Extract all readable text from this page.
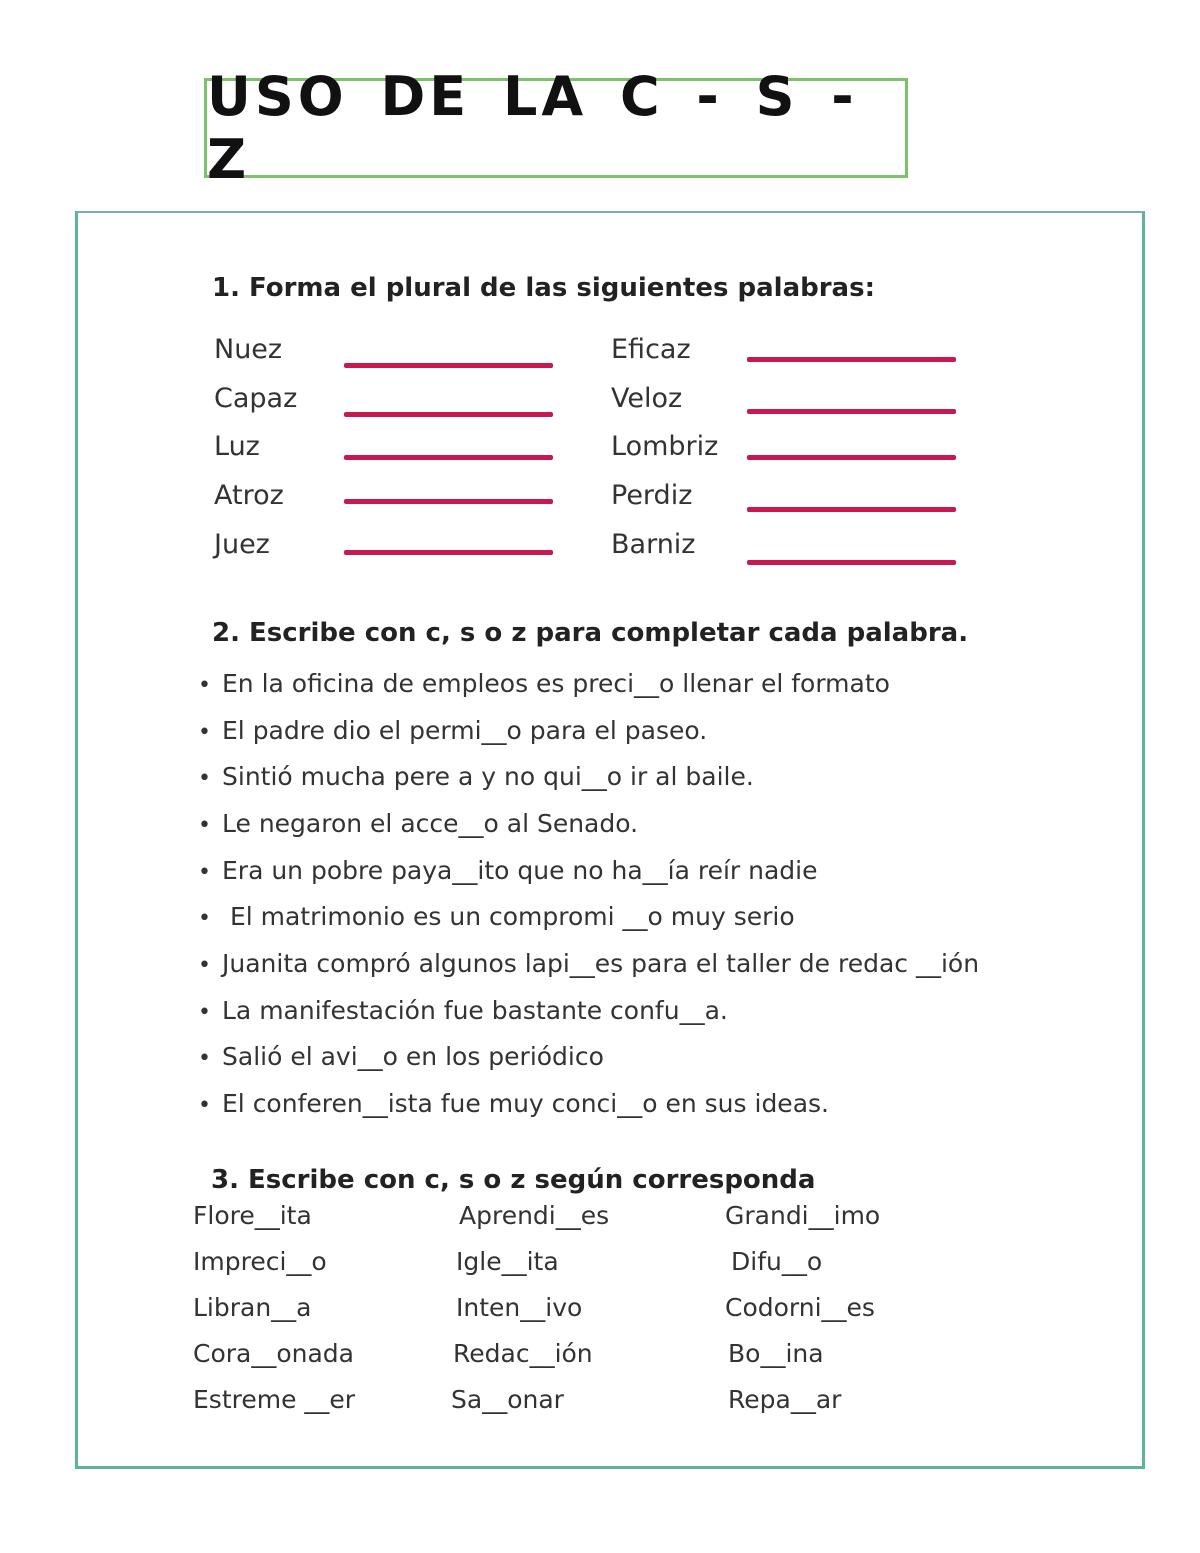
USO DE LA C - S - Z
1. Forma el plural de las siguientes palabras:
Nuez
Capaz
Luz
Atroz
Juez
Eficaz
Veloz
Lombriz
Perdiz
Barniz
2. Escribe con c, s o z para completar cada palabra.
• En la oficina de empleos es preci__o llenar el formato
• El padre dio el permi__o para el paseo.
• Sintió mucha pere a y no qui__o ir al baile.
• Le negaron el acce__o al Senado.
• Era un pobre paya__ito que no ha__ía reír nadie
• El matrimonio es un compromi __o muy serio
• Juanita compró algunos lapi__es para el taller de redac __ión
• La manifestación fue bastante confu__a.
• Salió el avi__o en los periódico
• El conferen__ista fue muy conci__o en sus ideas.
3. Escribe con c, s o z según corresponda
Flore__ita
Impreci__o
Libran__a
Cora__onada
Estreme __er
Aprendi__es
Igle__ita
Inten__ivo
Redac__ión
Sa__onar
Grandi__imo
Difu__o
Codorni__es
Bo__ina
Repa__ar
